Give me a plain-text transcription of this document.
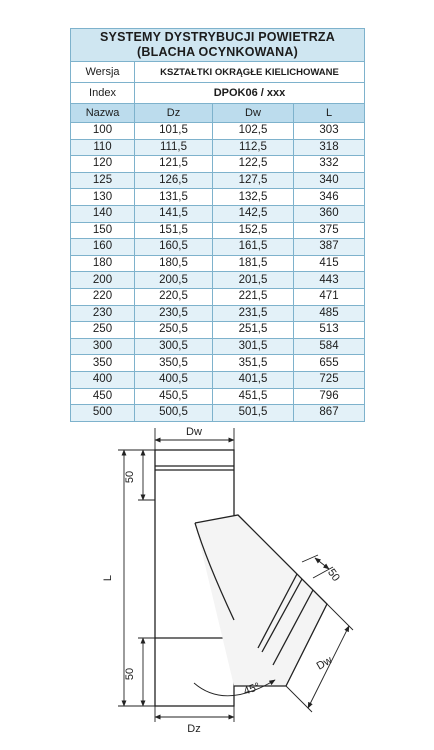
SYSTEMY DYSTRYBUCJI POWIETRZA
(BLACHA OCYNKOWANA)			

Wersja	KSZTAŁTKI OKRĄGŁE KIELICHOWANE		
Index	DPOK06 / xxx		
Nazwa	Dz	Dw	L
100	101,5	102,5	303
110	111,5	112,5	318
120	121,5	122,5	332
125	126,5	127,5	340
130	131,5	132,5	346
140	141,5	142,5	360
150	151,5	152,5	375
160	160,5	161,5	387
180	180,5	181,5	415
200	200,5	201,5	443
220	220,5	221,5	471
230	230,5	231,5	485
250	250,5	251,5	513
300	300,5	301,5	584
350	350,5	351,5	655
400	400,5	401,5	725
450	450,5	451,5	796
500	500,5	501,5	867
Dw
Dz
L
50
50
50
Dw
45°
